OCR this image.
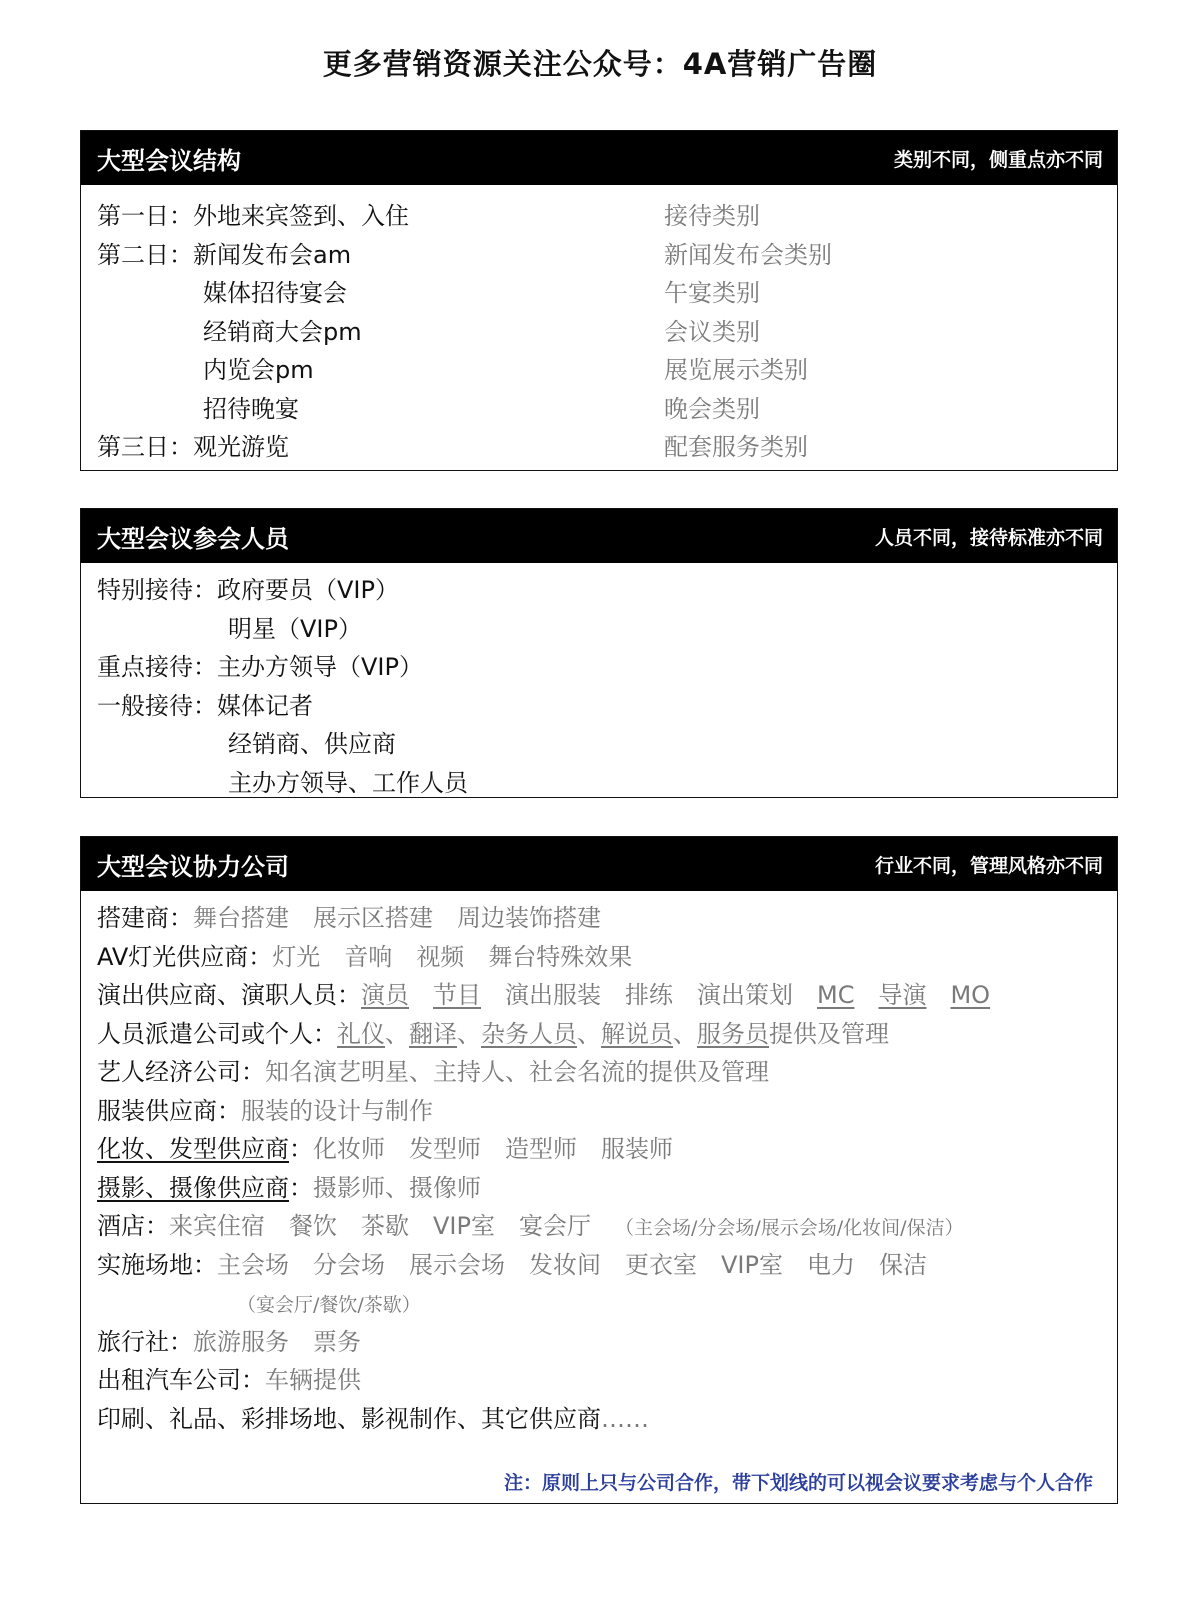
更多营销资源关注公众号：4A营销广告圈
大型会议结构	类别不同，侧重点亦不同
第一日：外地来宾签到、入住	接待类别
第二日：新闻发布会am	新闻发布会类别
媒体招待宴会	午宴类别
经销商大会pm	会议类别
内览会pm	展览展示类别
招待晚宴	晚会类别
第三日：观光游览	配套服务类别
大型会议参会人员	人员不同，接待标准亦不同
特别接待：政府要员（VIP）
明星（VIP）
重点接待：主办方领导（VIP）
一般接待：媒体记者
经销商、供应商
主办方领导、工作人员
大型会议协力公司	行业不同，管理风格亦不同
搭建商：舞台搭建 展示区搭建 周边装饰搭建
AV灯光供应商：灯光 音响 视频 舞台特殊效果
演出供应商、演职人员：演员 节目 演出服装 排练 演出策划 MC 导演 MO
人员派遣公司或个人：礼仪、翻译、杂务人员、解说员、服务员提供及管理
艺人经济公司：知名演艺明星、主持人、社会名流的提供及管理
服装供应商：服装的设计与制作
化妆、发型供应商：化妆师 发型师 造型师 服装师
摄影、摄像供应商：摄影师、摄像师
酒店：来宾住宿 餐饮 茶歇 VIP室 宴会厅 （主会场/分会场/展示会场/化妆间/保洁）
实施场地：主会场 分会场 展示会场 发妆间 更衣室 VIP室 电力 保洁
（宴会厅/餐饮/茶歇）
旅行社：旅游服务 票务
出租汽车公司：车辆提供
印刷、礼品、彩排场地、影视制作、其它供应商……
注：原则上只与公司合作，带下划线的可以视会议要求考虑与个人合作
